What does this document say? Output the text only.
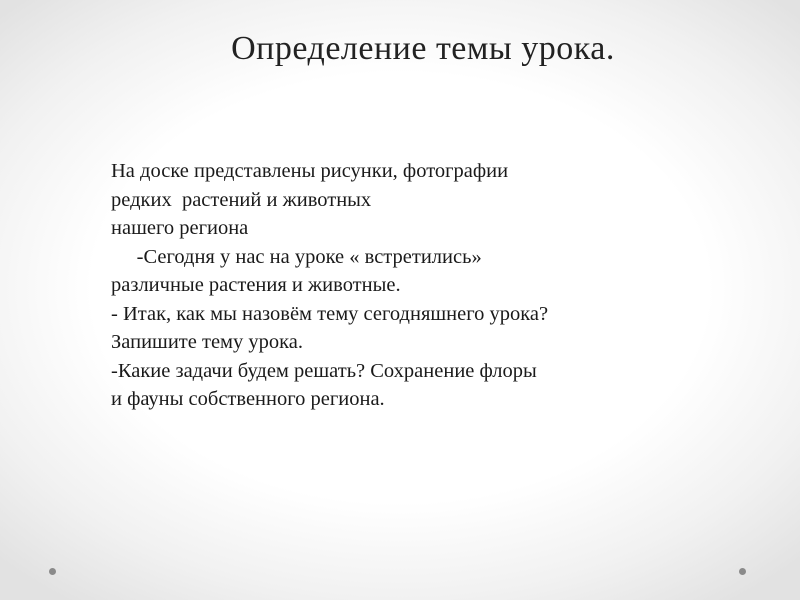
Определение темы урока.
На доске представлены рисунки, фотографии
редких  растений и животных
нашего региона
-Сегодня у нас на уроке « встретились»
различные растения и животные.
- Итак, как мы назовём тему сегодняшнего урока?
Запишите тему урока.
-Какие задачи будем решать? Сохранение флоры
и фауны собственного региона.
